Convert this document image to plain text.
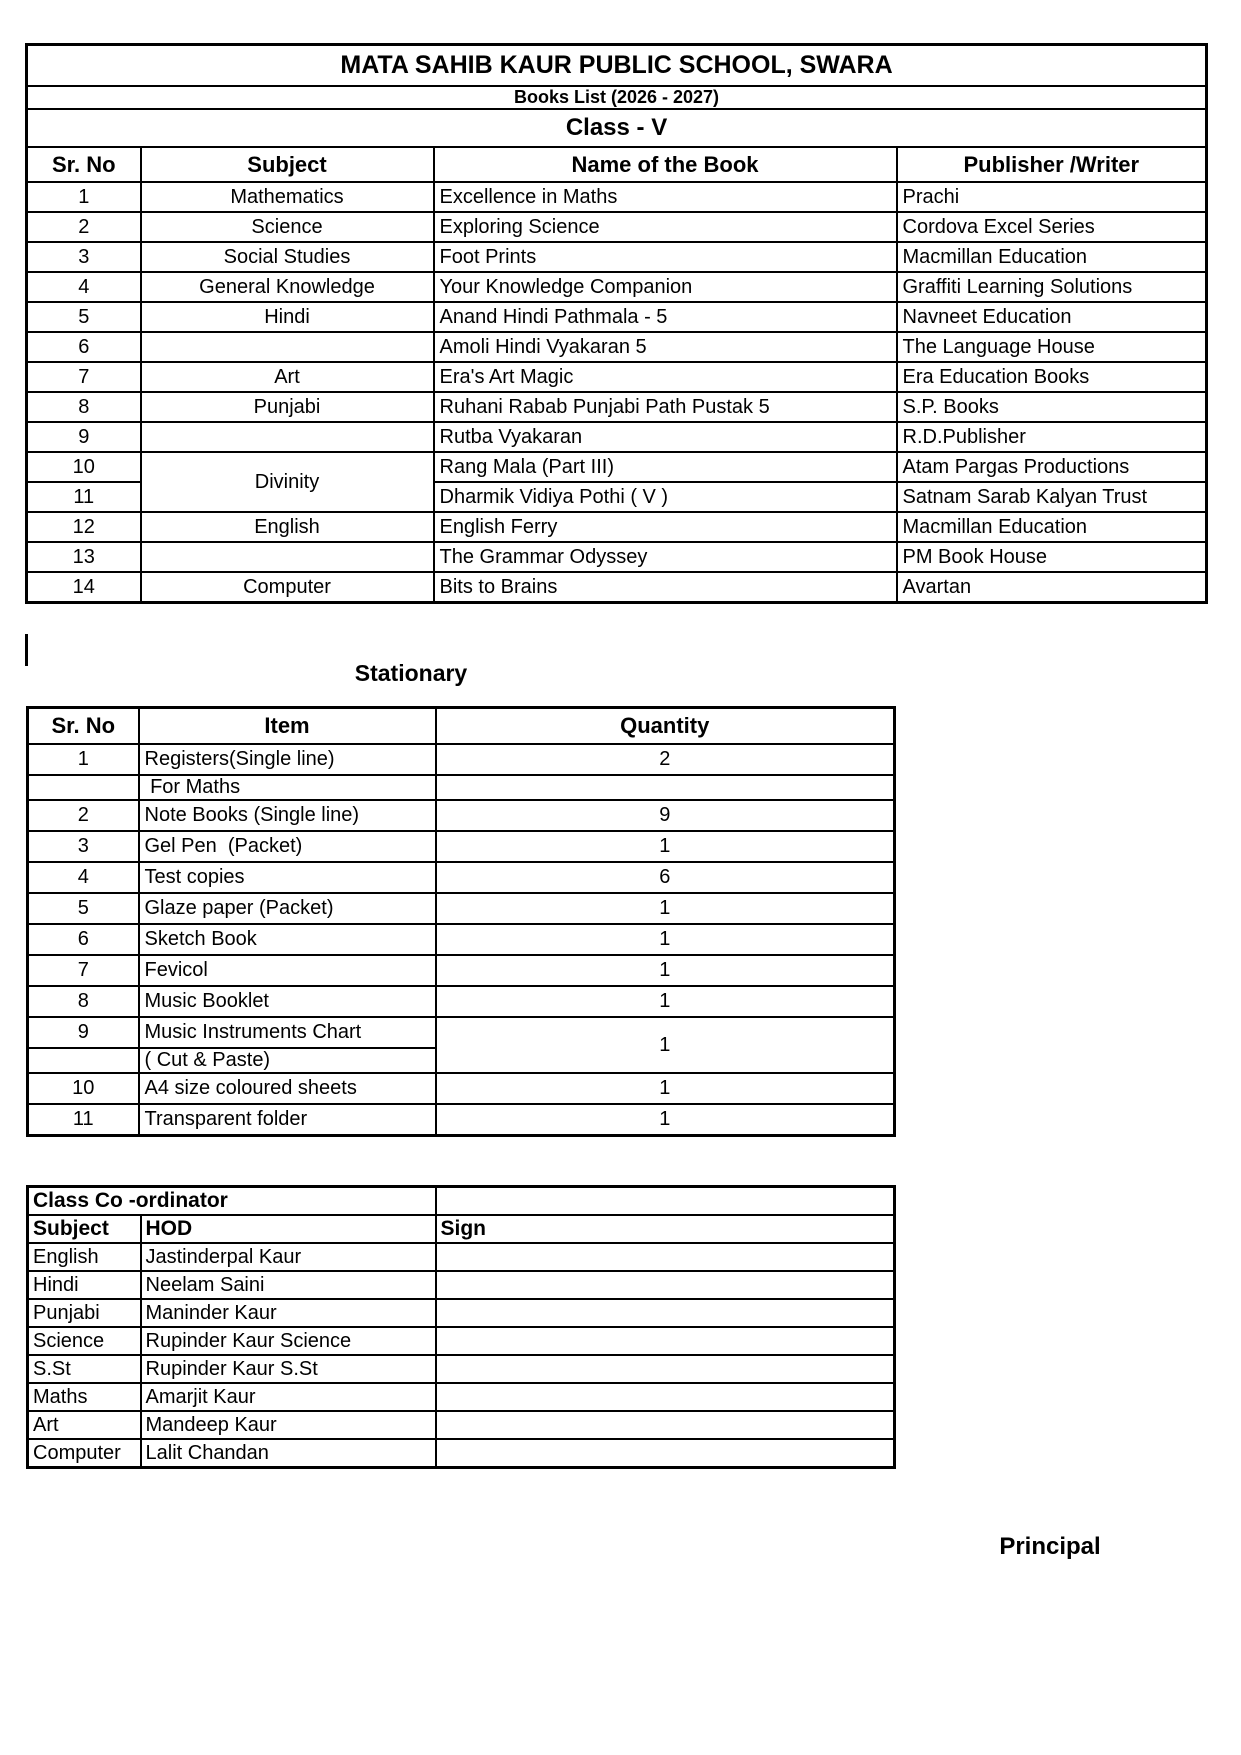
MATA SAHIB KAUR PUBLIC SCHOOL, SWARA			
Books List (2026 - 2027)			
Class - V			
Sr. No	Subject	Name of the Book	Publisher /Writer
1	Mathematics	Excellence in Maths	Prachi
2	Science	Exploring Science	Cordova Excel Series
3	Social Studies	Foot Prints	Macmillan Education
4	General Knowledge	Your Knowledge Companion	Graffiti Learning Solutions
5	Hindi	Anand Hindi Pathmala - 5	Navneet Education
6		Amoli Hindi Vyakaran 5	The Language House
7	Art	Era's Art Magic	Era Education Books
8	Punjabi	Ruhani Rabab Punjabi Path Pustak 5	S.P. Books
9		Rutba Vyakaran	R.D.Publisher
10	Divinity	Rang Mala (Part III)	Atam Pargas Productions
11		Dharmik Vidiya Pothi ( V )	Satnam Sarab Kalyan Trust
12	English	English Ferry	Macmillan Education
13		The Grammar Odyssey	PM Book House
14	Computer	Bits to Brains	Avartan
Stationary
Sr. No	Item	Quantity
1	Registers(Single line)	2
	For Maths	
2	Note Books (Single line)	9
3	Gel Pen  (Packet)	1
4	Test copies	6
5	Glaze paper (Packet)	1
6	Sketch Book	1
7	Fevicol	1
8	Music Booklet	1
9	Music Instruments Chart	1
	( Cut & Paste)	
10	A4 size coloured sheets	1
11	Transparent folder	1
Class Co -ordinator		
Subject	HOD	Sign
English	Jastinderpal Kaur	
Hindi	Neelam Saini	
Punjabi	Maninder Kaur	
Science	Rupinder Kaur Science	
S.St	Rupinder Kaur S.St	
Maths	Amarjit Kaur	
Art	Mandeep Kaur	
Computer	Lalit Chandan	
Principal
